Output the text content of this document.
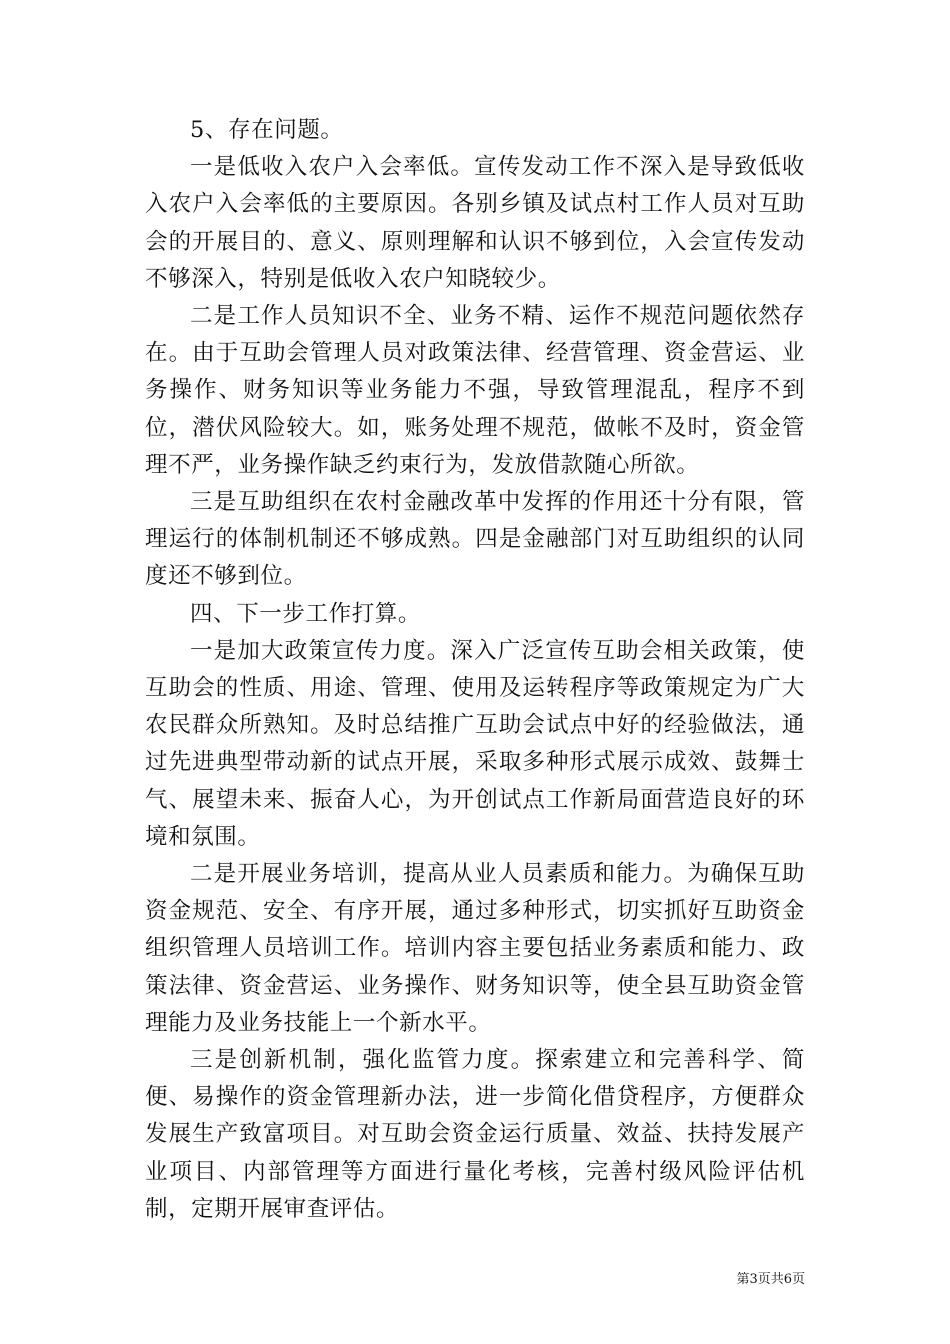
5、存在问题。

一是低收入农户入会率低。宣传发动工作不深入是导致低收入农户入会率低的主要原因。各别乡镇及试点村工作人员对互助会的开展目的、意义、原则理解和认识不够到位，入会宣传发动不够深入，特别是低收入农户知晓较少。

二是工作人员知识不全、业务不精、运作不规范问题依然存在。由于互助会管理人员对政策法律、经营管理、资金营运、业务操作、财务知识等业务能力不强，导致管理混乱，程序不到位，潜伏风险较大。如，账务处理不规范，做帐不及时，资金管理不严，业务操作缺乏约束行为，发放借款随心所欲。

三是互助组织在农村金融改革中发挥的作用还十分有限，管理运行的体制机制还不够成熟。四是金融部门对互助组织的认同度还不够到位。

四、下一步工作打算。

一是加大政策宣传力度。深入广泛宣传互助会相关政策，使互助会的性质、用途、管理、使用及运转程序等政策规定为广大农民群众所熟知。及时总结推广互助会试点中好的经验做法，通过先进典型带动新的试点开展，采取多种形式展示成效、鼓舞士气、展望未来、振奋人心，为开创试点工作新局面营造良好的环境和氛围。

二是开展业务培训，提高从业人员素质和能力。为确保互助资金规范、安全、有序开展，通过多种形式，切实抓好互助资金组织管理人员培训工作。培训内容主要包括业务素质和能力、政策法律、资金营运、业务操作、财务知识等，使全县互助资金管理能力及业务技能上一个新水平。

三是创新机制，强化监管力度。探索建立和完善科学、简便、易操作的资金管理新办法，进一步简化借贷程序，方便群众发展生产致富项目。对互助会资金运行质量、效益、扶持发展产业项目、内部管理等方面进行量化考核，完善村级风险评估机制，定期开展审查评估。

第3页共6页
